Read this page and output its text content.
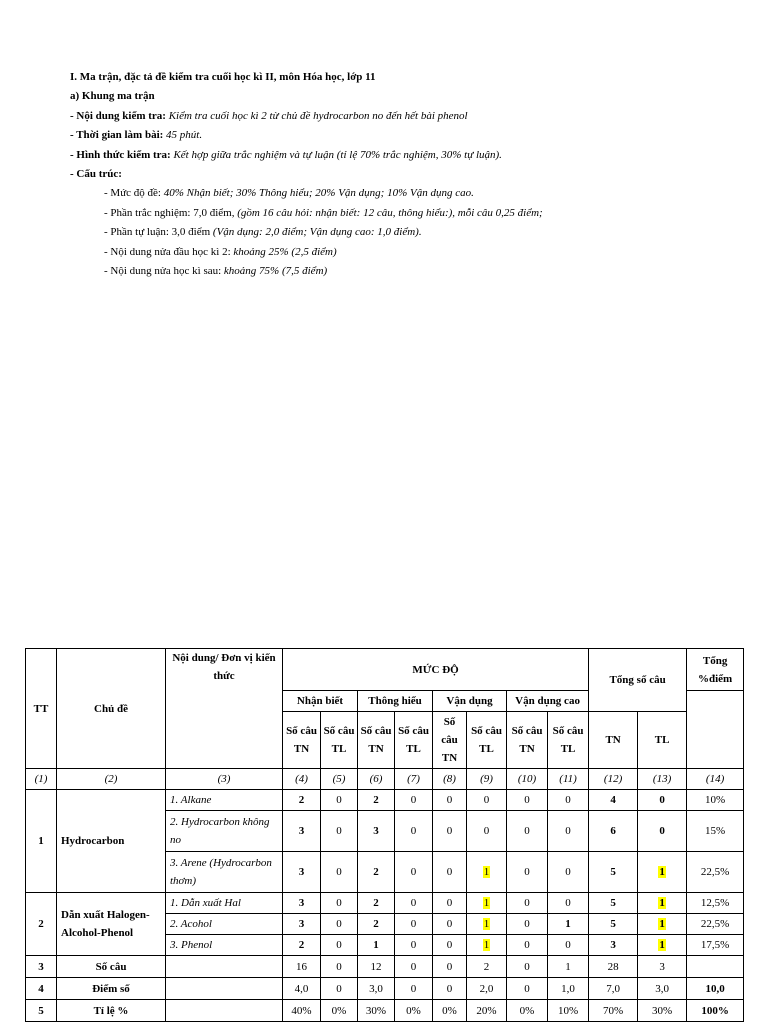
I. Ma trận, đặc tả đề kiểm tra cuối học kì II, môn Hóa học, lớp 11

a) Khung ma trận

- Nội dung kiểm tra: Kiểm tra cuối học kì 2 từ chủ đề hydrocarbon no đến hết bài phenol

- Thời gian làm bài: 45 phút.

- Hình thức kiểm tra: Kết hợp giữa trắc nghiệm và tự luận (tỉ lệ 70% trắc nghiệm, 30% tự luận).

- Cấu trúc:

- Mức độ đề: 40% Nhận biết; 30% Thông hiểu; 20% Vận dụng; 10% Vận dụng cao.

- Phần trắc nghiệm: 7,0 điểm, (gồm 16 câu hỏi: nhận biết: 12 câu, thông hiểu:), mỗi câu 0,25 điểm;

- Phần tự luận: 3,0 điểm (Vận dụng: 2,0 điểm; Vận dụng cao: 1,0 điểm).

- Nội dung nửa đầu học kì 2: khoảng 25% (2,5 điểm)

- Nội dung nửa học kì sau: khoảng 75% (7,5 điểm)

TT	Chủ đề	Nội dung/ Đơn vị kiến thức	MỨC ĐỘ								Tổng số câu		Tổng %điểm
			Nhận biết		Thông hiểu		Vận dụng		Vận dụng cao				
			Số câu TN	Số câu TL	Số câu TN	Số câu TL	Số câu TN	Số câu TL	Số câu TN	Số câu TL	TN	TL	
(1)	(2)	(3)	(4)	(5)	(6)	(7)	(8)	(9)	(10)	(11)	(12)	(13)	(14)
1	Hydrocarbon	1. Alkane	2	0	2	0	0	0	0	0	4	0	10%
		2. Hydrocarbon không no	3	0	3	0	0	0	0	0	6	0	15%
		3. Arene (Hydrocarbon thơm)	3	0	2	0	0	1	0	0	5	1	22,5%
2	Dẫn xuất Halogen-Alcohol-Phenol	1. Dẫn xuất Hal	3	0	2	0	0	1	0	0	5	1	12,5%
		2. Acohol	3	0	2	0	0	1	0	1	5	1	22,5%
		3. Phenol	2	0	1	0	0	1	0	0	3	1	17,5%
3	Số câu		16	0	12	0	0	2	0	1	28	3	
4	Điểm số		4,0	0	3,0	0	0	2,0	0	1,0	7,0	3,0	10,0
5	Tỉ lệ %		40%	0%	30%	0%	0%	20%	0%	10%	70%	30%	100%
